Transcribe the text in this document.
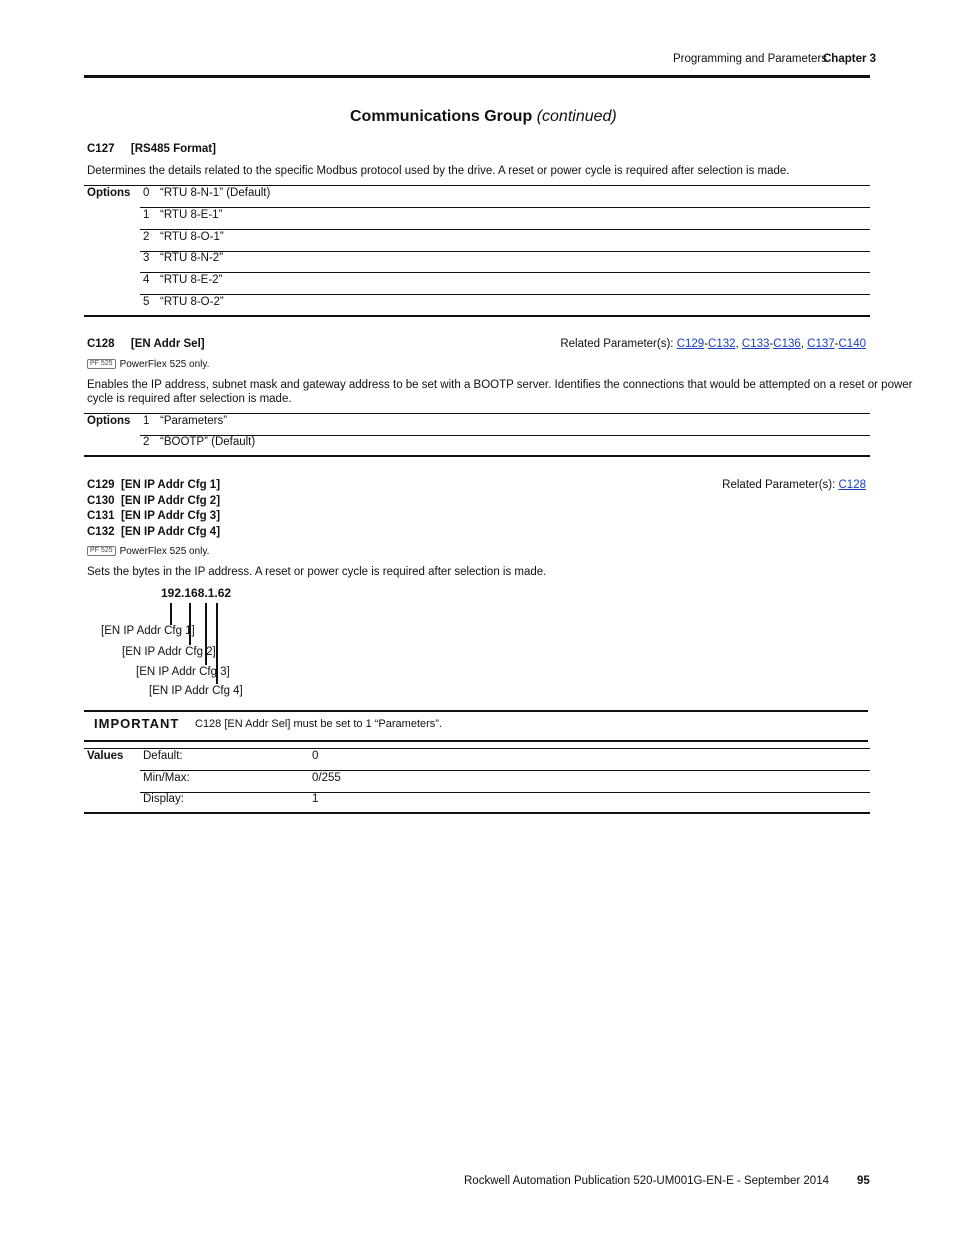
Programming and Parameters
Chapter 3
Communications Group (continued)
C127 [RS485 Format]
Determines the details related to the specific Modbus protocol used by the drive. A reset or power cycle is required after selection is made.
Options 0 “RTU 8-N-1” (Default)
1 “RTU 8-E-1”
2 “RTU 8-O-1”
3 “RTU 8-N-2”
4 “RTU 8-E-2”
5 “RTU 8-O-2”
C128 [EN Addr Sel]	Related Parameter(s): C129-C132, C133-C136, C137-C140
PF 525 PowerFlex 525 only.
Enables the IP address, subnet mask and gateway address to be set with a BOOTP server. Identifies the connections that would be attempted on a reset or power
cycle is required after selection is made.
Options 1 “Parameters”
2 “BOOTP” (Default)
C129 [EN IP Addr Cfg 1]
C130 [EN IP Addr Cfg 2]
C131 [EN IP Addr Cfg 3]
C132 [EN IP Addr Cfg 4]
Related Parameter(s): C128
PF 525 PowerFlex 525 only.
Sets the bytes in the IP address. A reset or power cycle is required after selection is made.
192.168.1.62
[EN IP Addr Cfg 1]
[EN IP Addr Cfg 2]
[EN IP Addr Cfg 3]
[EN IP Addr Cfg 4]
IMPORTANT C128 [EN Addr Sel] must be set to 1 “Parameters”.
Values Default:	0
Min/Max:	0/255
Display:	1
Rockwell Automation Publication 520-UM001G-EN-E - September 2014 95
